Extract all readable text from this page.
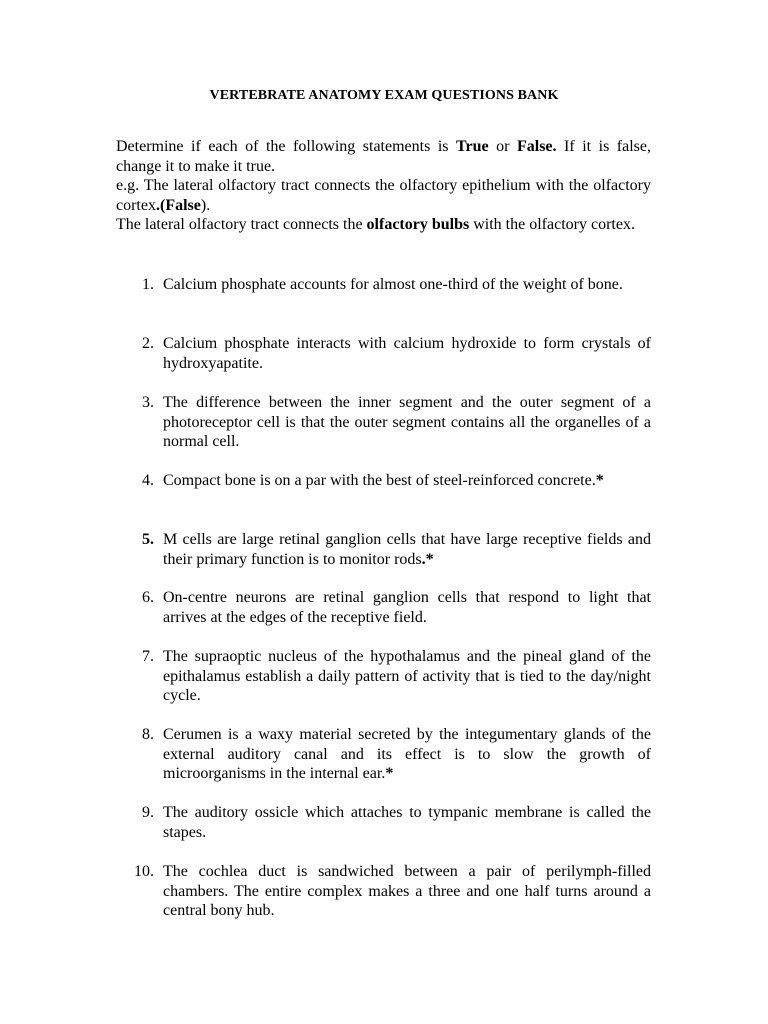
VERTEBRATE ANATOMY EXAM QUESTIONS BANK

Determine if each of the following statements is True or False. If it is false, change it to make it true.

e.g. The lateral olfactory tract connects the olfactory epithelium with the olfactory cortex.(False).

The lateral olfactory tract connects the olfactory bulbs with the olfactory cortex.

1. Calcium phosphate accounts for almost one-third of the weight of bone.
2. Calcium phosphate interacts with calcium hydroxide to form crystals of hydroxyapatite.
3. The difference between the inner segment and the outer segment of a photoreceptor cell is that the outer segment contains all the organelles of a normal cell.
4. Compact bone is on a par with the best of steel-reinforced concrete.*
5. M cells are large retinal ganglion cells that have large receptive fields and their primary function is to monitor rods.*
6. On-centre neurons are retinal ganglion cells that respond to light that arrives at the edges of the receptive field.
7. The supraoptic nucleus of the hypothalamus and the pineal gland of the epithalamus establish a daily pattern of activity that is tied to the day/night cycle.
8. Cerumen is a waxy material secreted by the integumentary glands of the external auditory canal and its effect is to slow the growth of microorganisms in the internal ear.*
9. The auditory ossicle which attaches to tympanic membrane is called the stapes.
10. The cochlea duct is sandwiched between a pair of perilymph-filled chambers. The entire complex makes a three and one half turns around a central bony hub.
